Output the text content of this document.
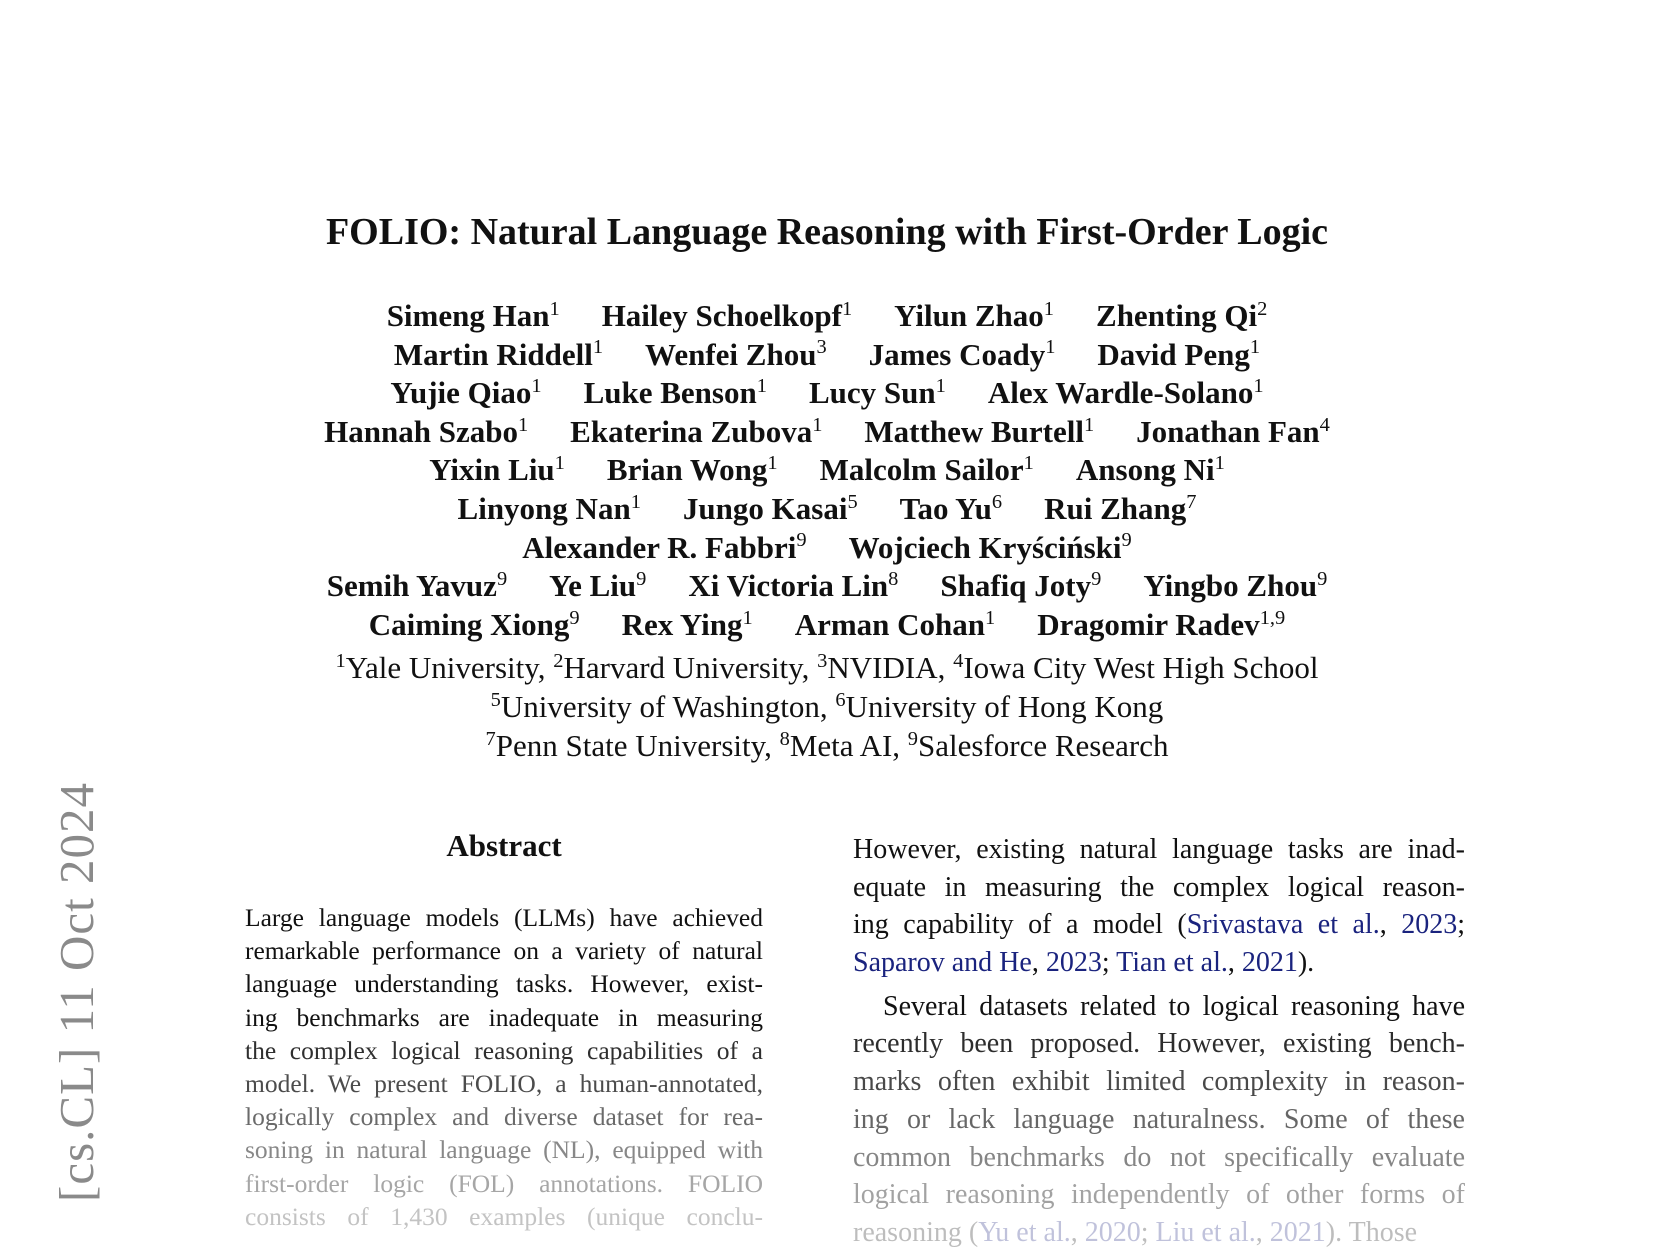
[cs.CL] 11 Oct 2024
FOLIO: Natural Language Reasoning with First-Order Logic
Simeng Han$^1$ Hailey Schoelkopf$^1$ Yilun Zhao$^1$ Zhenting Qi$^2$
Martin Riddell$^1$ Wenfei Zhou$^3$ James Coady$^1$ David Peng$^1$
Yujie Qiao$^1$ Luke Benson$^1$ Lucy Sun$^1$ Alex Wardle-Solano$^1$
Hannah Szabo$^1$ Ekaterina Zubova$^1$ Matthew Burtell$^1$ Jonathan Fan$^4$
Yixin Liu$^1$ Brian Wong$^1$ Malcolm Sailor$^1$ Ansong Ni$^1$
Linyong Nan$^1$ Jungo Kasai$^5$ Tao Yu$^6$ Rui Zhang$^7$
Alexander R. Fabbri$^9$ Wojciech Kryściński$^9$
Semih Yavuz$^9$ Ye Liu$^9$ Xi Victoria Lin$^8$ Shafiq Joty$^9$ Yingbo Zhou$^9$
Caiming Xiong$^9$ Rex Ying$^1$ Arman Cohan$^1$ Dragomir Radev$^{1,9}$
$^1$Yale University, $^2$Harvard University, $^3$NVIDIA, $^4$Iowa City West High School
$^5$University of Washington, $^6$University of Hong Kong
$^7$Penn State University, $^8$Meta AI, $^9$Salesforce Research
Abstract
Large language models (LLMs) have achieved
remarkable performance on a variety of natural
language understanding tasks. However, exist-
ing benchmarks are inadequate in measuring
the complex logical reasoning capabilities of a
model. We present FOLIO, a human-annotated,
logically complex and diverse dataset for rea-
soning in natural language (NL), equipped with
first-order logic (FOL) annotations. FOLIO
consists of 1,430 examples (unique conclu-
However, existing natural language tasks are inad-
equate in measuring the complex logical reason-
ing capability of a model (Srivastava et al., 2023;
Saparov and He, 2023; Tian et al., 2021).
Several datasets related to logical reasoning have
recently been proposed. However, existing bench-
marks often exhibit limited complexity in reason-
ing or lack language naturalness. Some of these
common benchmarks do not specifically evaluate
logical reasoning independently of other forms of
reasoning (Yu et al., 2020; Liu et al., 2021). Those
